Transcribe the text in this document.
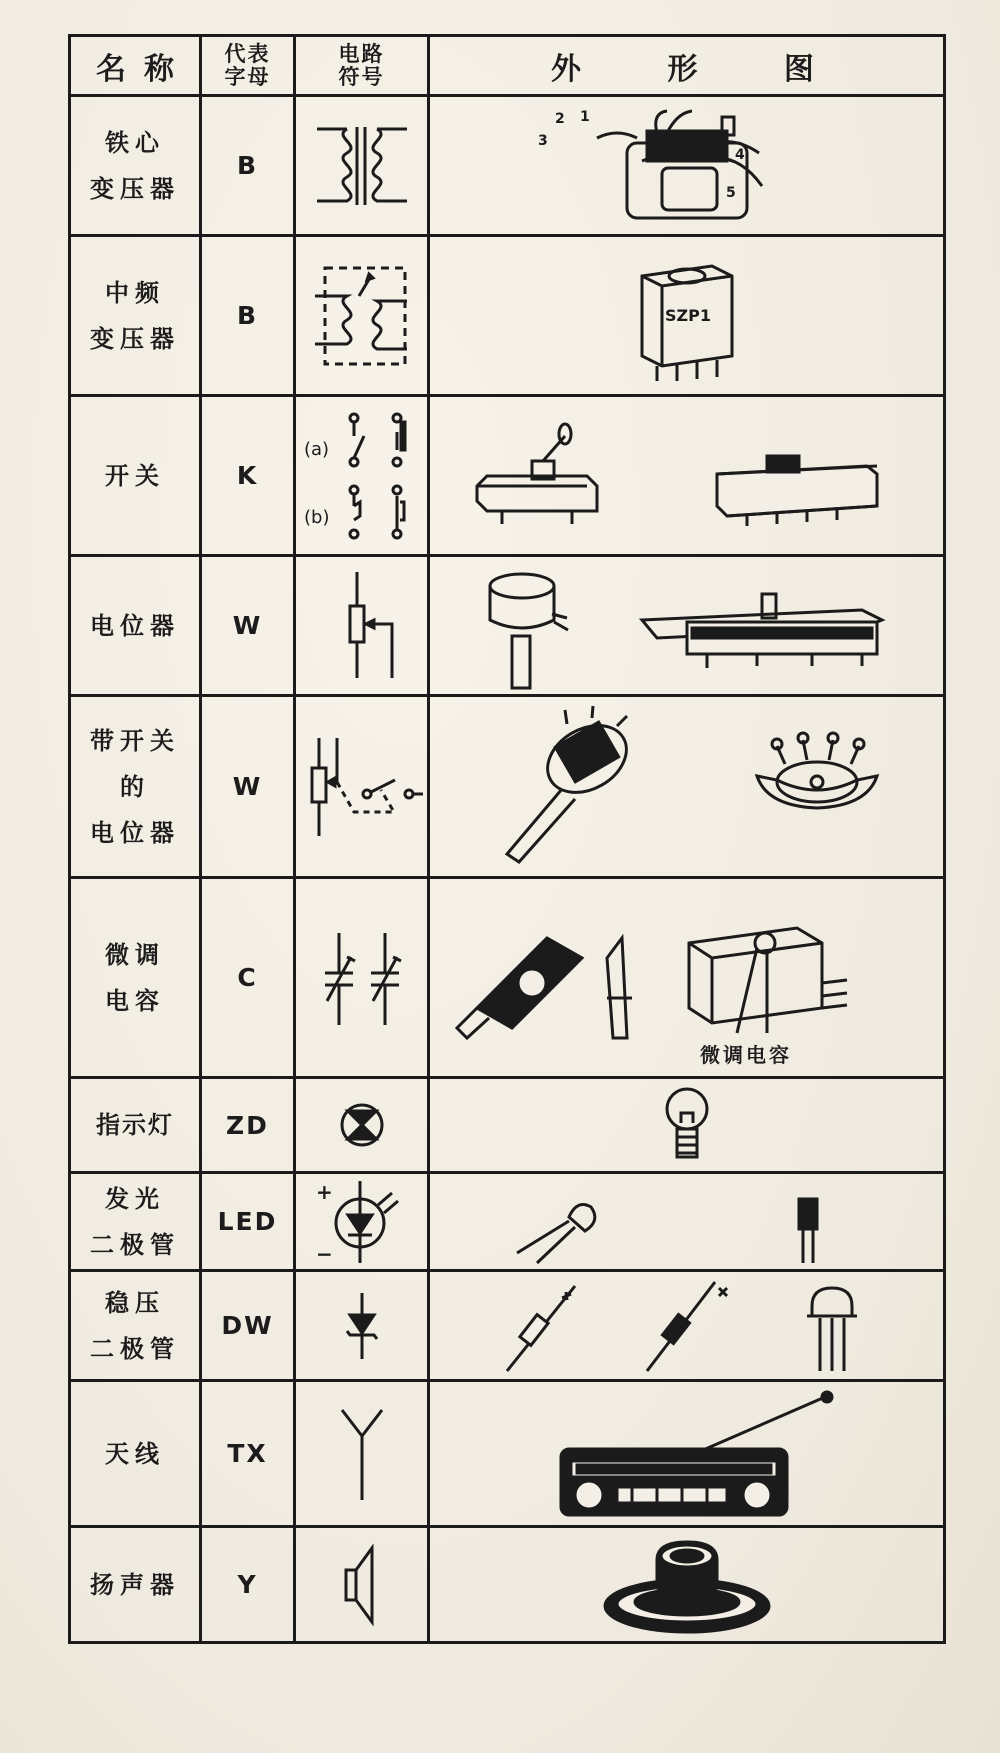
名称	代表字母	电路符号	外 形 图

铁心
变压器	B		1
2
3
4
5

中频
变压器	B		SZP1

开关	K	(a)
(b)

电位器	W

带开关
的
电位器	W

微调
电容	C		微调电容

指示灯	ZD

发光
二极管	LED	+
−

稳压
二极管	DW

天线	TX

扬声器	Y
